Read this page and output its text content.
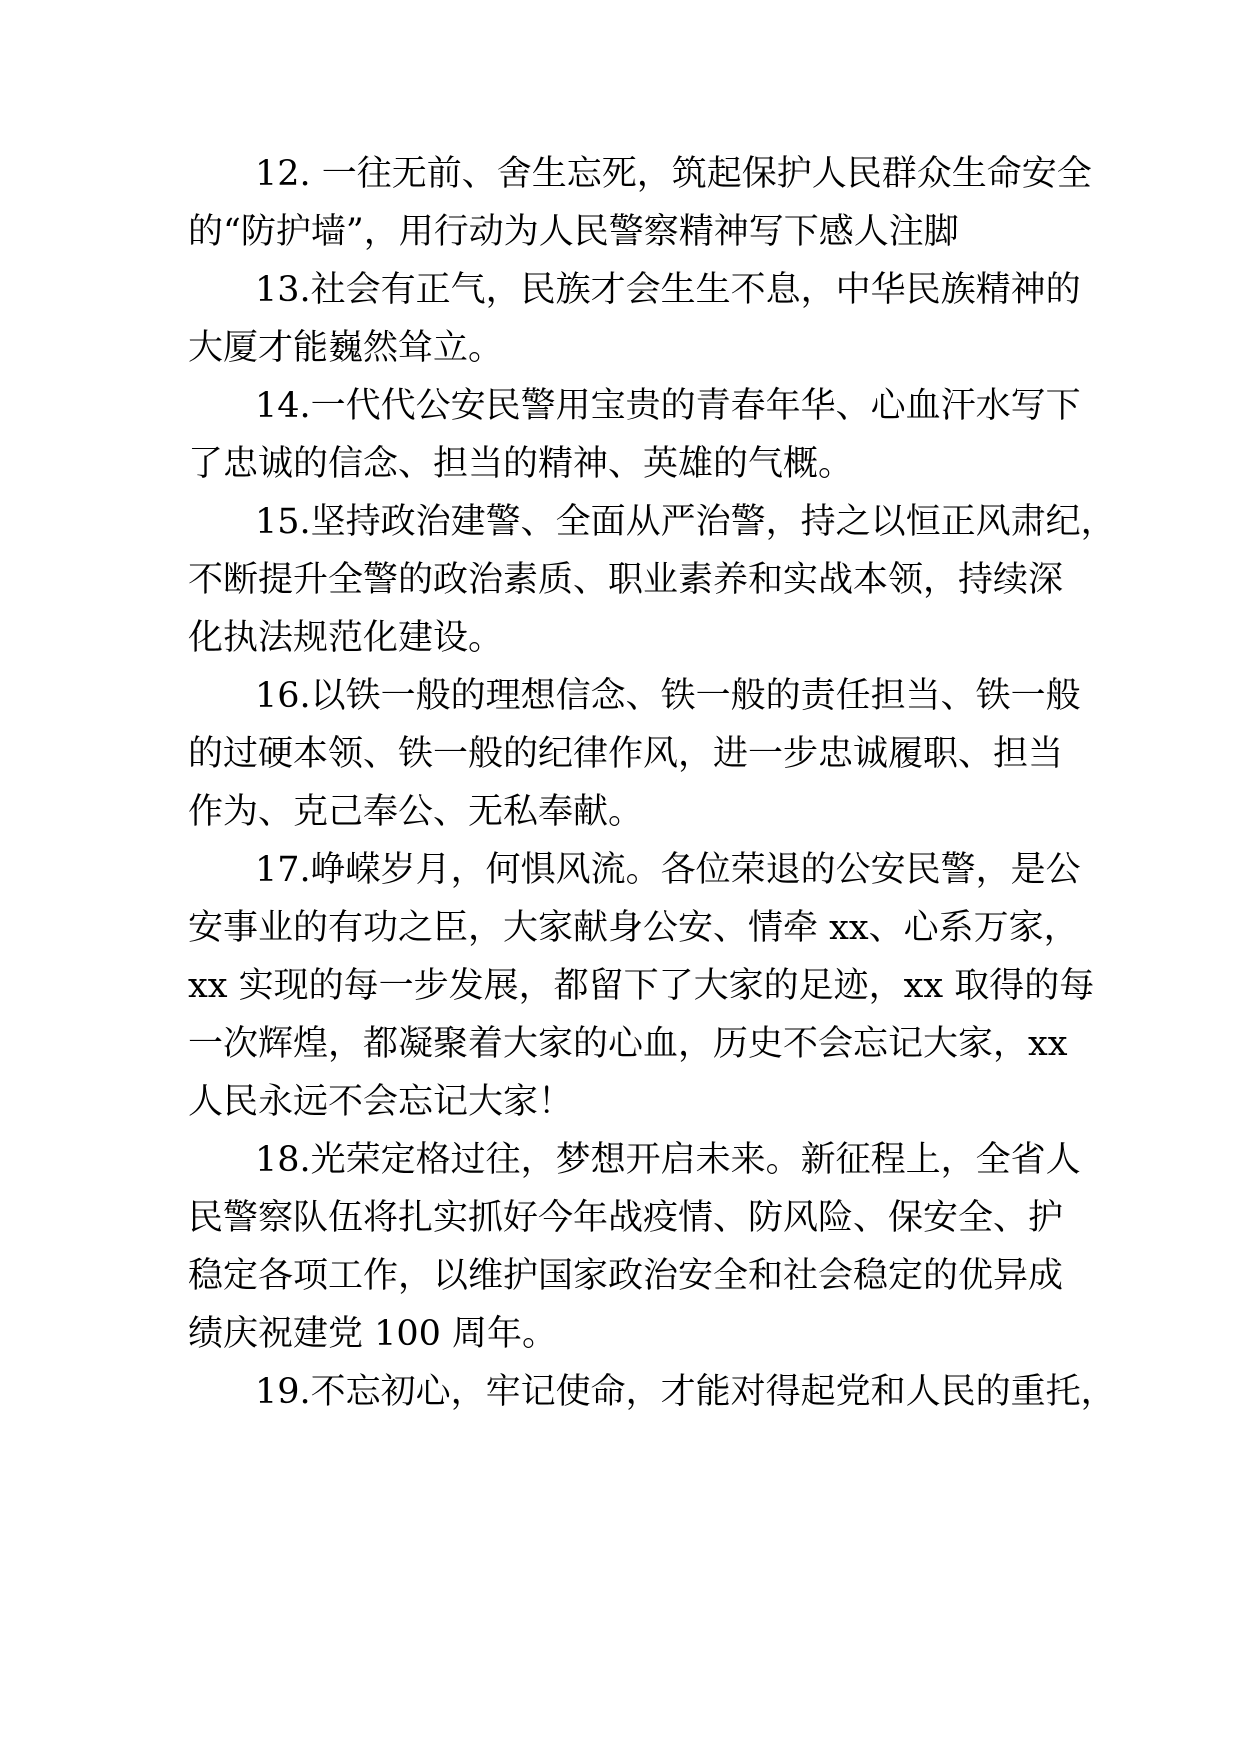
12. 一往无前、舍生忘死，筑起保护人民群众生命安全
的“防护墙”，用行动为人民警察精神写下感人注脚
13.社会有正气，民族才会生生不息，中华民族精神的
大厦才能巍然耸立。
14.一代代公安民警用宝贵的青春年华、心血汗水写下
了忠诚的信念、担当的精神、英雄的气概。
15.坚持政治建警、全面从严治警，持之以恒正风肃纪，
不断提升全警的政治素质、职业素养和实战本领，持续深
化执法规范化建设。
16.以铁一般的理想信念、铁一般的责任担当、铁一般
的过硬本领、铁一般的纪律作风，进一步忠诚履职、担当
作为、克己奉公、无私奉献。
17.峥嵘岁月，何惧风流。各位荣退的公安民警，是公
安事业的有功之臣，大家献身公安、情牵 xx、心系万家，
xx 实现的每一步发展，都留下了大家的足迹，xx 取得的每
一次辉煌，都凝聚着大家的心血，历史不会忘记大家，xx
人民永远不会忘记大家！
18.光荣定格过往，梦想开启未来。新征程上，全省人
民警察队伍将扎实抓好今年战疫情、防风险、保安全、护
稳定各项工作，以维护国家政治安全和社会稳定的优异成
绩庆祝建党 100 周年。
19.不忘初心，牢记使命，才能对得起党和人民的重托，
